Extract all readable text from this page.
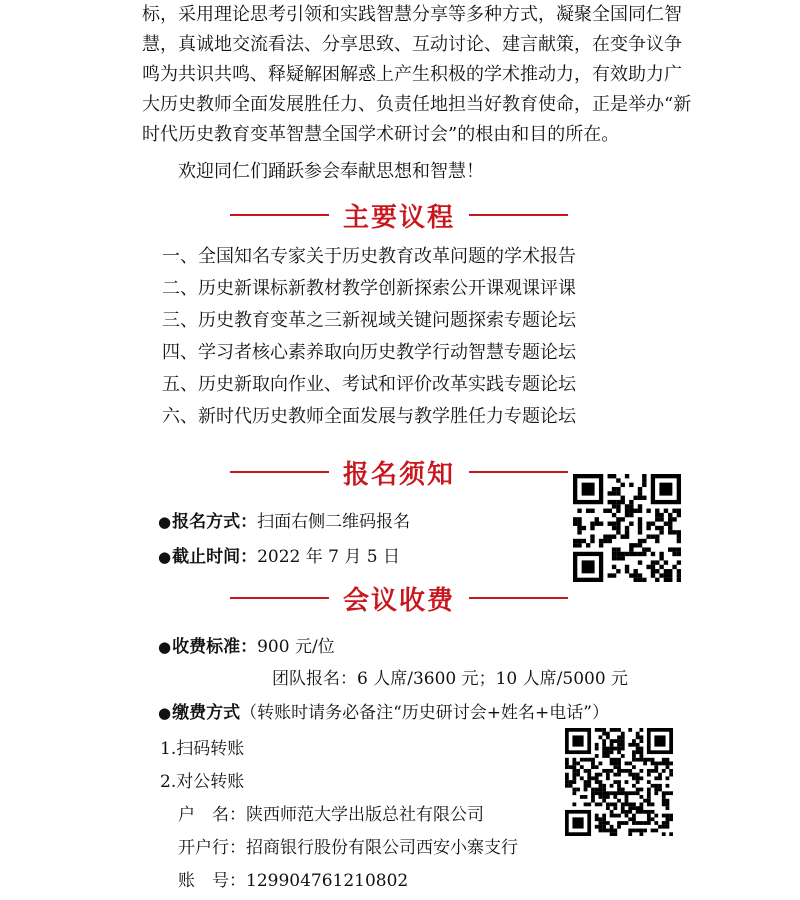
标，采用理论思考引领和实践智慧分享等多种方式，凝聚全国同仁智
慧，真诚地交流看法、分享思致、互动讨论、建言献策，在变争议争
鸣为共识共鸣、释疑解困解惑上产生积极的学术推动力，有效助力广
大历史教师全面发展胜任力、负责任地担当好教育使命，正是举办“新
时代历史教育变革智慧全国学术研讨会”的根由和目的所在。
欢迎同仁们踊跃参会奉献思想和智慧！
主要议程
一、全国知名专家关于历史教育改革问题的学术报告
二、历史新课标新教材教学创新探索公开课观课评课
三、历史教育变革之三新视域关键问题探索专题论坛
四、学习者核心素养取向历史教学行动智慧专题论坛
五、历史新取向作业、考试和评价改革实践专题论坛
六、新时代历史教师全面发展与教学胜任力专题论坛
报名须知
●报名方式：扫面右侧二维码报名
●截止时间：2022 年 7 月 5 日
会议收费
●收费标准：900 元/位
团队报名：6 人席/3600 元；10 人席/5000 元
●缴费方式（转账时请务必备注“历史研讨会+姓名+电话”）
1.扫码转账
2.对公转账
户　名：陕西师范大学出版总社有限公司
开户行：招商银行股份有限公司西安小寨支行
账　号：129904761210802
